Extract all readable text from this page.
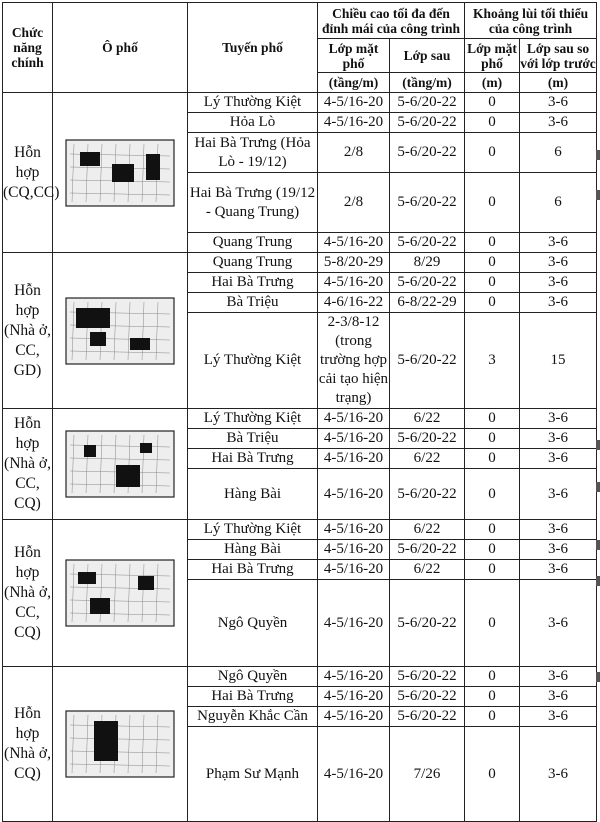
Chức năng chính	Ô phố	Tuyến phố	Chiều cao tối đa đến đỉnh mái của công trình		Khoảng lùi tối thiểu của công trình	
			Lớp mặt phố	Lớp sau	Lớp mặt phố	Lớp sau so với lớp trước
			(tầng/m)	(tầng/m)	(m)	(m)
Hỗn hợp (CQ,CC)		Lý Thường Kiệt	4-5/16-20	5-6/20-22	0	3-6
		Hỏa Lò	4-5/16-20	5-6/20-22	0	3-6
		Hai Bà Trưng (Hỏa Lò - 19/12)	2/8	5-6/20-22	0	6
		Hai Bà Trưng (19/12 - Quang Trung)	2/8	5-6/20-22	0	6
		Quang Trung	4-5/16-20	5-6/20-22	0	3-6
Hỗn hợp (Nhà ở, CC, GD)		Quang Trung	5-8/20-29	8/29	0	3-6
		Hai Bà Trưng	4-5/16-20	5-6/20-22	0	3-6
		Bà Triệu	4-6/16-22	6-8/22-29	0	3-6
		Lý Thường Kiệt	2-3/8-12 (trong trường hợp cải tạo hiện trạng)	5-6/20-22	3	15
Hỗn hợp (Nhà ở, CC, CQ)		Lý Thường Kiệt	4-5/16-20	6/22	0	3-6
		Bà Triệu	4-5/16-20	5-6/20-22	0	3-6
		Hai Bà Trưng	4-5/16-20	6/22	0	3-6
		Hàng Bài	4-5/16-20	5-6/20-22	0	3-6
Hỗn hợp (Nhà ở, CC, CQ)		Lý Thường Kiệt	4-5/16-20	6/22	0	3-6
		Hàng Bài	4-5/16-20	5-6/20-22	0	3-6
		Hai Bà Trưng	4-5/16-20	6/22	0	3-6
		Ngô Quyền	4-5/16-20	5-6/20-22	0	3-6
Hỗn hợp (Nhà ở, CQ)		Ngô Quyền	4-5/16-20	5-6/20-22	0	3-6
		Hai Bà Trưng	4-5/16-20	5-6/20-22	0	3-6
		Nguyễn Khắc Cần	4-5/16-20	5-6/20-22	0	3-6
		Phạm Sư Mạnh	4-5/16-20	7/26	0	3-6
